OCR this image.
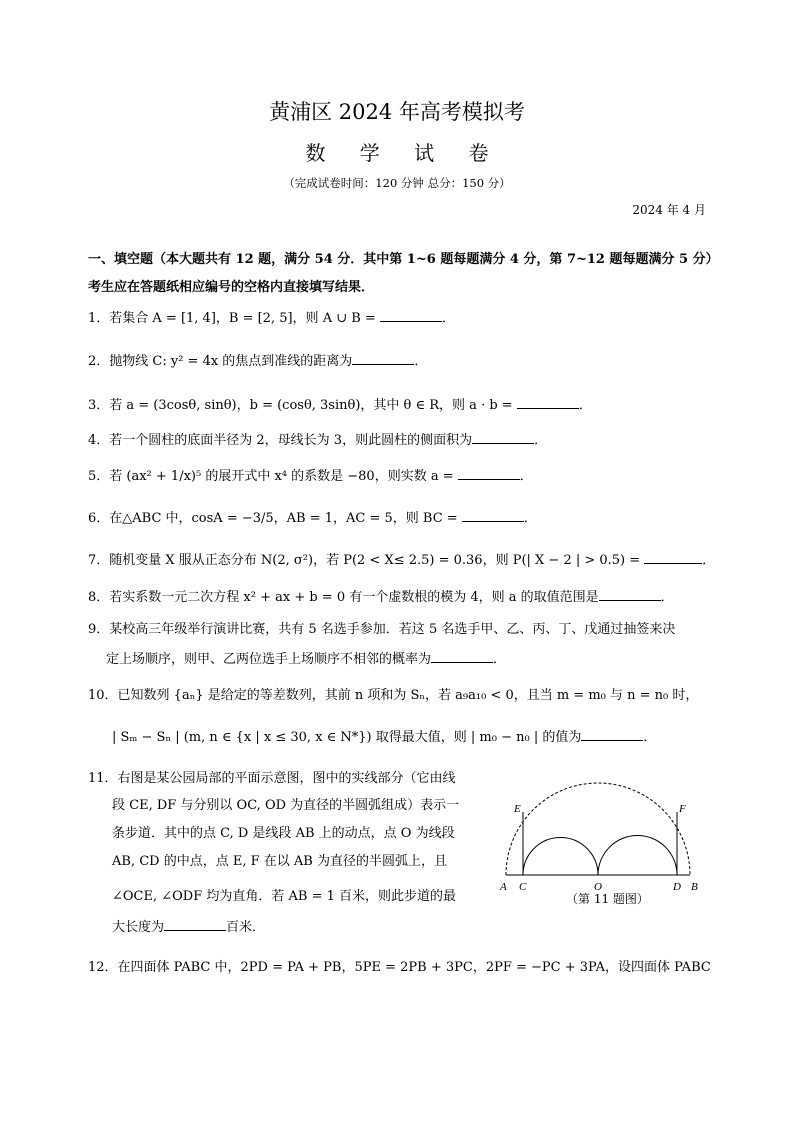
黄浦区 2024 年高考模拟考
数 学 试 卷
（完成试卷时间：120 分钟 总分：150 分）
2024 年 4 月
一、填空题（本大题共有 12 题，满分 54 分．其中第 1~6 题每题满分 4 分，第 7~12 题每题满分 5 分）
考生应在答题纸相应编号的空格内直接填写结果．
1．若集合 A = [1, 4]，B = [2, 5]，则 A ∪ B =	．
2．抛物线 C: y² = 4x 的焦点到准线的距离为	．
3．若 a = (3cosθ, sinθ)，b = (cosθ, 3sinθ)，其中 θ ∈ R，则 a · b =	．
4．若一个圆柱的底面半径为 2，母线长为 3，则此圆柱的侧面积为	．
5．若 (ax² + 1/x)⁵ 的展开式中 x⁴ 的系数是 −80，则实数 a =	．
6．在△ABC 中，cosA = −3/5，AB = 1，AC = 5，则 BC =	．
7．随机变量 X 服从正态分布 N(2, σ²)，若 P(2 < X≤ 2.5) = 0.36，则 P(| X − 2 | > 0.5) =	．
8．若实系数一元二次方程 x² + ax + b = 0 有一个虚数根的模为 4，则 a 的取值范围是	．
9．某校高三年级举行演讲比赛，共有 5 名选手参加．若这 5 名选手甲、乙、丙、丁、戊通过抽签来决
定上场顺序，则甲、乙两位选手上场顺序不相邻的概率为	．
10．已知数列 {aₙ} 是给定的等差数列，其前 n 项和为 Sₙ，若 a₉a₁₀ < 0，且当 m = m₀ 与 n = n₀ 时，
| Sₘ − Sₙ | (m, n ∈ {x | x ≤ 30, x ∈ N*}) 取得最大值，则 | m₀ − n₀ | 的值为	．
11．右图是某公园局部的平面示意图，图中的实线部分（它由线
段 CE, DF 与分别以 OC, OD 为直径的半圆弧组成）表示一
条步道．其中的点 C, D 是线段 AB 上的动点，点 O 为线段
AB, CD 的中点，点 E, F 在以 AB 为直径的半圆弧上，且
∠OCE, ∠ODF 均为直角．若 AB = 1 百米，则此步道的最
大长度为	百米．
12．在四面体 PABC 中，2PD = PA + PB，5PE = 2PB + 3PC，2PF = −PC + 3PA，设四面体 PABC
E	F
A C	O	D B
（第 11 题图）
